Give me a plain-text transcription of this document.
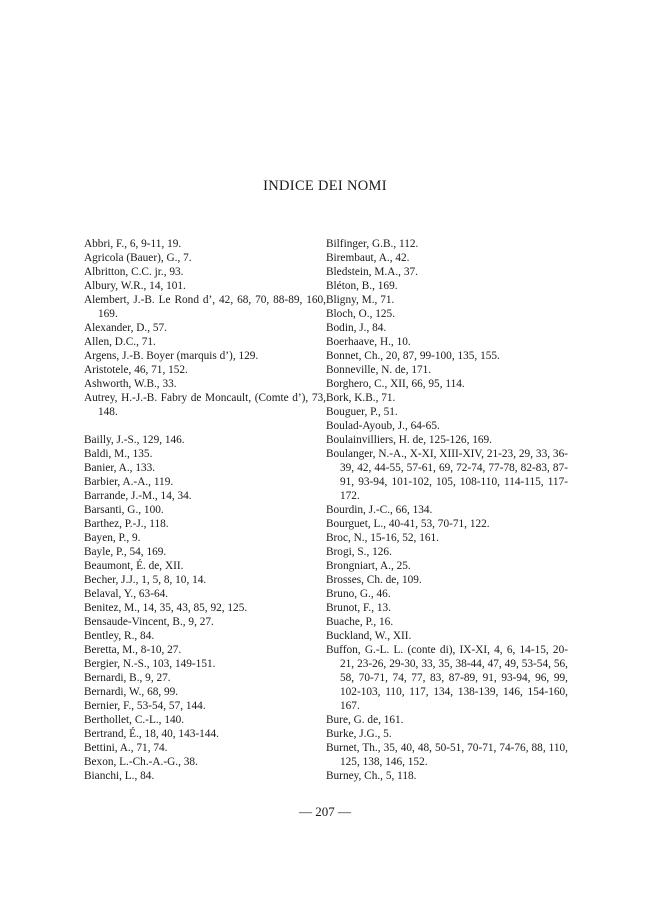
INDICE DEI NOMI
Abbri, F., 6, 9-11, 19.
Agricola (Bauer), G., 7.
Albritton, C.C. jr., 93.
Albury, W.R., 14, 101.
Alembert, J.-B. Le Rond d’, 42, 68, 70, 88-89, 160, 169.
Alexander, D., 57.
Allen, D.C., 71.
Argens, J.-B. Boyer (marquis d’), 129.
Aristotele, 46, 71, 152.
Ashworth, W.B., 33.
Autrey, H.-J.-B. Fabry de Moncault, (Comte d’), 73, 148.
Bailly, J.-S., 129, 146.
Baldi, M., 135.
Banier, A., 133.
Barbier, A.-A., 119.
Barrande, J.-M., 14, 34.
Barsanti, G., 100.
Barthez, P.-J., 118.
Bayen, P., 9.
Bayle, P., 54, 169.
Beaumont, É. de, XII.
Becher, J.J., 1, 5, 8, 10, 14.
Belaval, Y., 63-64.
Benitez, M., 14, 35, 43, 85, 92, 125.
Bensaude-Vincent, B., 9, 27.
Bentley, R., 84.
Beretta, M., 8-10, 27.
Bergier, N.-S., 103, 149-151.
Bernardi, B., 9, 27.
Bernardi, W., 68, 99.
Bernier, F., 53-54, 57, 144.
Berthollet, C.-L., 140.
Bertrand, É., 18, 40, 143-144.
Bettini, A., 71, 74.
Bexon, L.-Ch.-A.-G., 38.
Bianchi, L., 84.
Bilfinger, G.B., 112.
Birembaut, A., 42.
Bledstein, M.A., 37.
Bléton, B., 169.
Bligny, M., 71.
Bloch, O., 125.
Bodin, J., 84.
Boerhaave, H., 10.
Bonnet, Ch., 20, 87, 99-100, 135, 155.
Bonneville, N. de, 171.
Borghero, C., XII, 66, 95, 114.
Bork, K.B., 71.
Bouguer, P., 51.
Boulad-Ayoub, J., 64-65.
Boulainvilliers, H. de, 125-126, 169.
Boulanger, N.-A., X-XI, XIII-XIV, 21-23, 29, 33, 36-39, 42, 44-55, 57-61, 69, 72-74, 77-78, 82-83, 87-91, 93-94, 101-102, 105, 108-110, 114-115, 117-172.
Bourdin, J.-C., 66, 134.
Bourguet, L., 40-41, 53, 70-71, 122.
Broc, N., 15-16, 52, 161.
Brogi, S., 126.
Brongniart, A., 25.
Brosses, Ch. de, 109.
Bruno, G., 46.
Brunot, F., 13.
Buache, P., 16.
Buckland, W., XII.
Buffon, G.-L. L. (conte di), IX-XI, 4, 6, 14-15, 20-21, 23-26, 29-30, 33, 35, 38-44, 47, 49, 53-54, 56, 58, 70-71, 74, 77, 83, 87-89, 91, 93-94, 96, 99, 102-103, 110, 117, 134, 138-139, 146, 154-160, 167.
Bure, G. de, 161.
Burke, J.G., 5.
Burnet, Th., 35, 40, 48, 50-51, 70-71, 74-76, 88, 110, 125, 138, 146, 152.
Burney, Ch., 5, 118.
— 207 —
